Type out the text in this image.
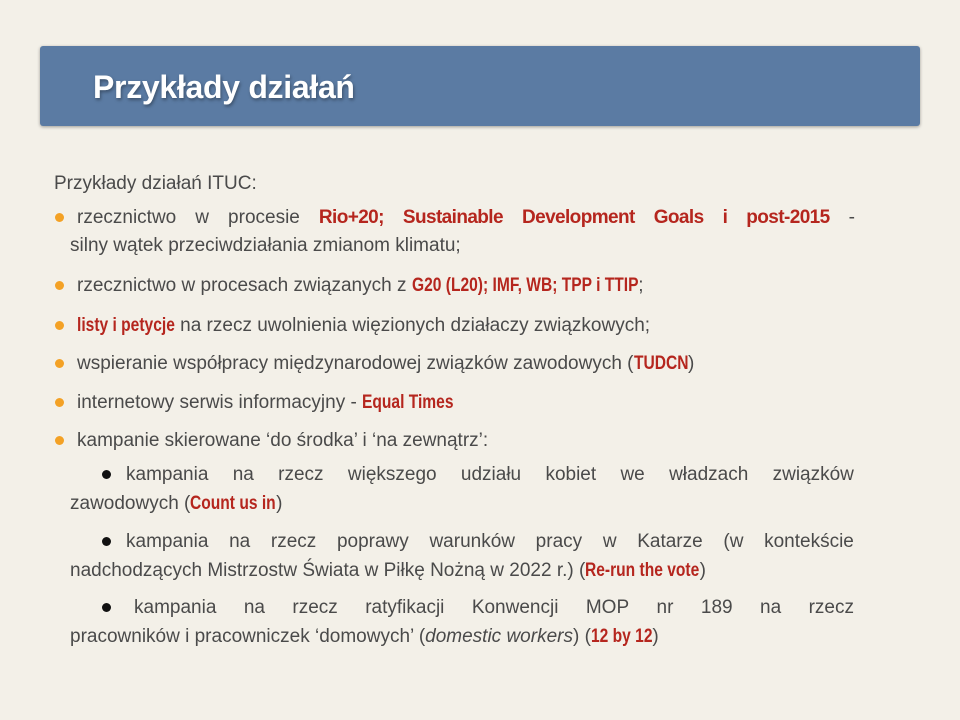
Przykłady działań
Przykłady działań ITUC:
rzecznictwo w procesie Rio+20; Sustainable Development Goals i post-2015 -
silny wątek przeciwdziałania zmianom klimatu;
rzecznictwo w procesach związanych z G20 (L20); IMF, WB; TPP i TTIP;
listy i petycje na rzecz uwolnienia więzionych działaczy związkowych;
wspieranie współpracy międzynarodowej związków zawodowych (TUDCN)
internetowy serwis informacyjny - Equal Times
kampanie skierowane ‘do środka’ i ‘na zewnątrz’:
kampania na rzecz większego udziału kobiet we władzach związków
zawodowych (Count us in)
kampania na rzecz poprawy warunków pracy w Katarze (w kontekście
nadchodzących Mistrzostw Świata w Piłkę Nożną w 2022 r.) (Re-run the vote)
kampania na rzecz ratyfikacji Konwencji MOP nr 189 na rzecz
pracowników i pracowniczek ‘domowych’ (domestic workers) (12 by 12)
